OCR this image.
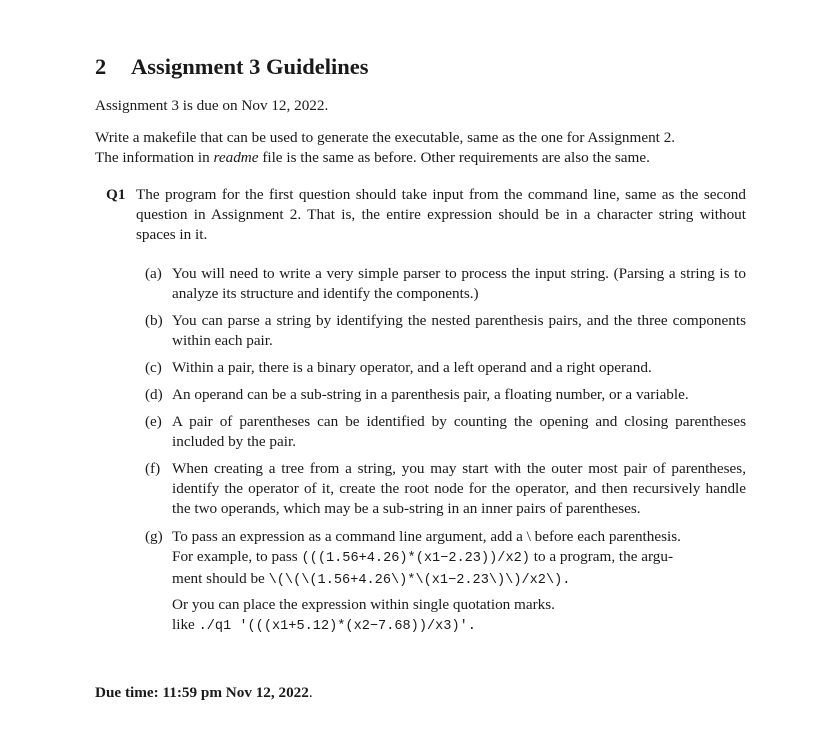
2 Assignment 3 Guidelines
Assignment 3 is due on Nov 12, 2022.
Write a makefile that can be used to generate the executable, same as the one for Assignment 2.
The information in readme file is the same as before. Other requirements are also the same.
Q1 The program for the first question should take input from the command line, same as the second question in Assignment 2. That is, the entire expression should be in a character string without spaces in it.
(a) You will need to write a very simple parser to process the input string. (Parsing a string is to analyze its structure and identify the components.)
(b) You can parse a string by identifying the nested parenthesis pairs, and the three components within each pair.
(c) Within a pair, there is a binary operator, and a left operand and a right operand.
(d) An operand can be a sub-string in a parenthesis pair, a floating number, or a variable.
(e) A pair of parentheses can be identified by counting the opening and closing parentheses included by the pair.
(f) When creating a tree from a string, you may start with the outer most pair of parentheses, identify the operator of it, create the root node for the operator, and then recursively handle the two operands, which may be a sub-string in an inner pairs of parentheses.
(g) To pass an expression as a command line argument, add a \ before each parenthesis.
For example, to pass (((1.56+4.26)*(x1−2.23))/x2) to a program, the argu-
ment should be \(\(\(1.56+4.26\)*\(x1−2.23\)\)/x2\).
Or you can place the expression within single quotation marks.
like ./q1 '(((x1+5.12)*(x2−7.68))/x3)'.
Due time: 11:59 pm Nov 12, 2022.
